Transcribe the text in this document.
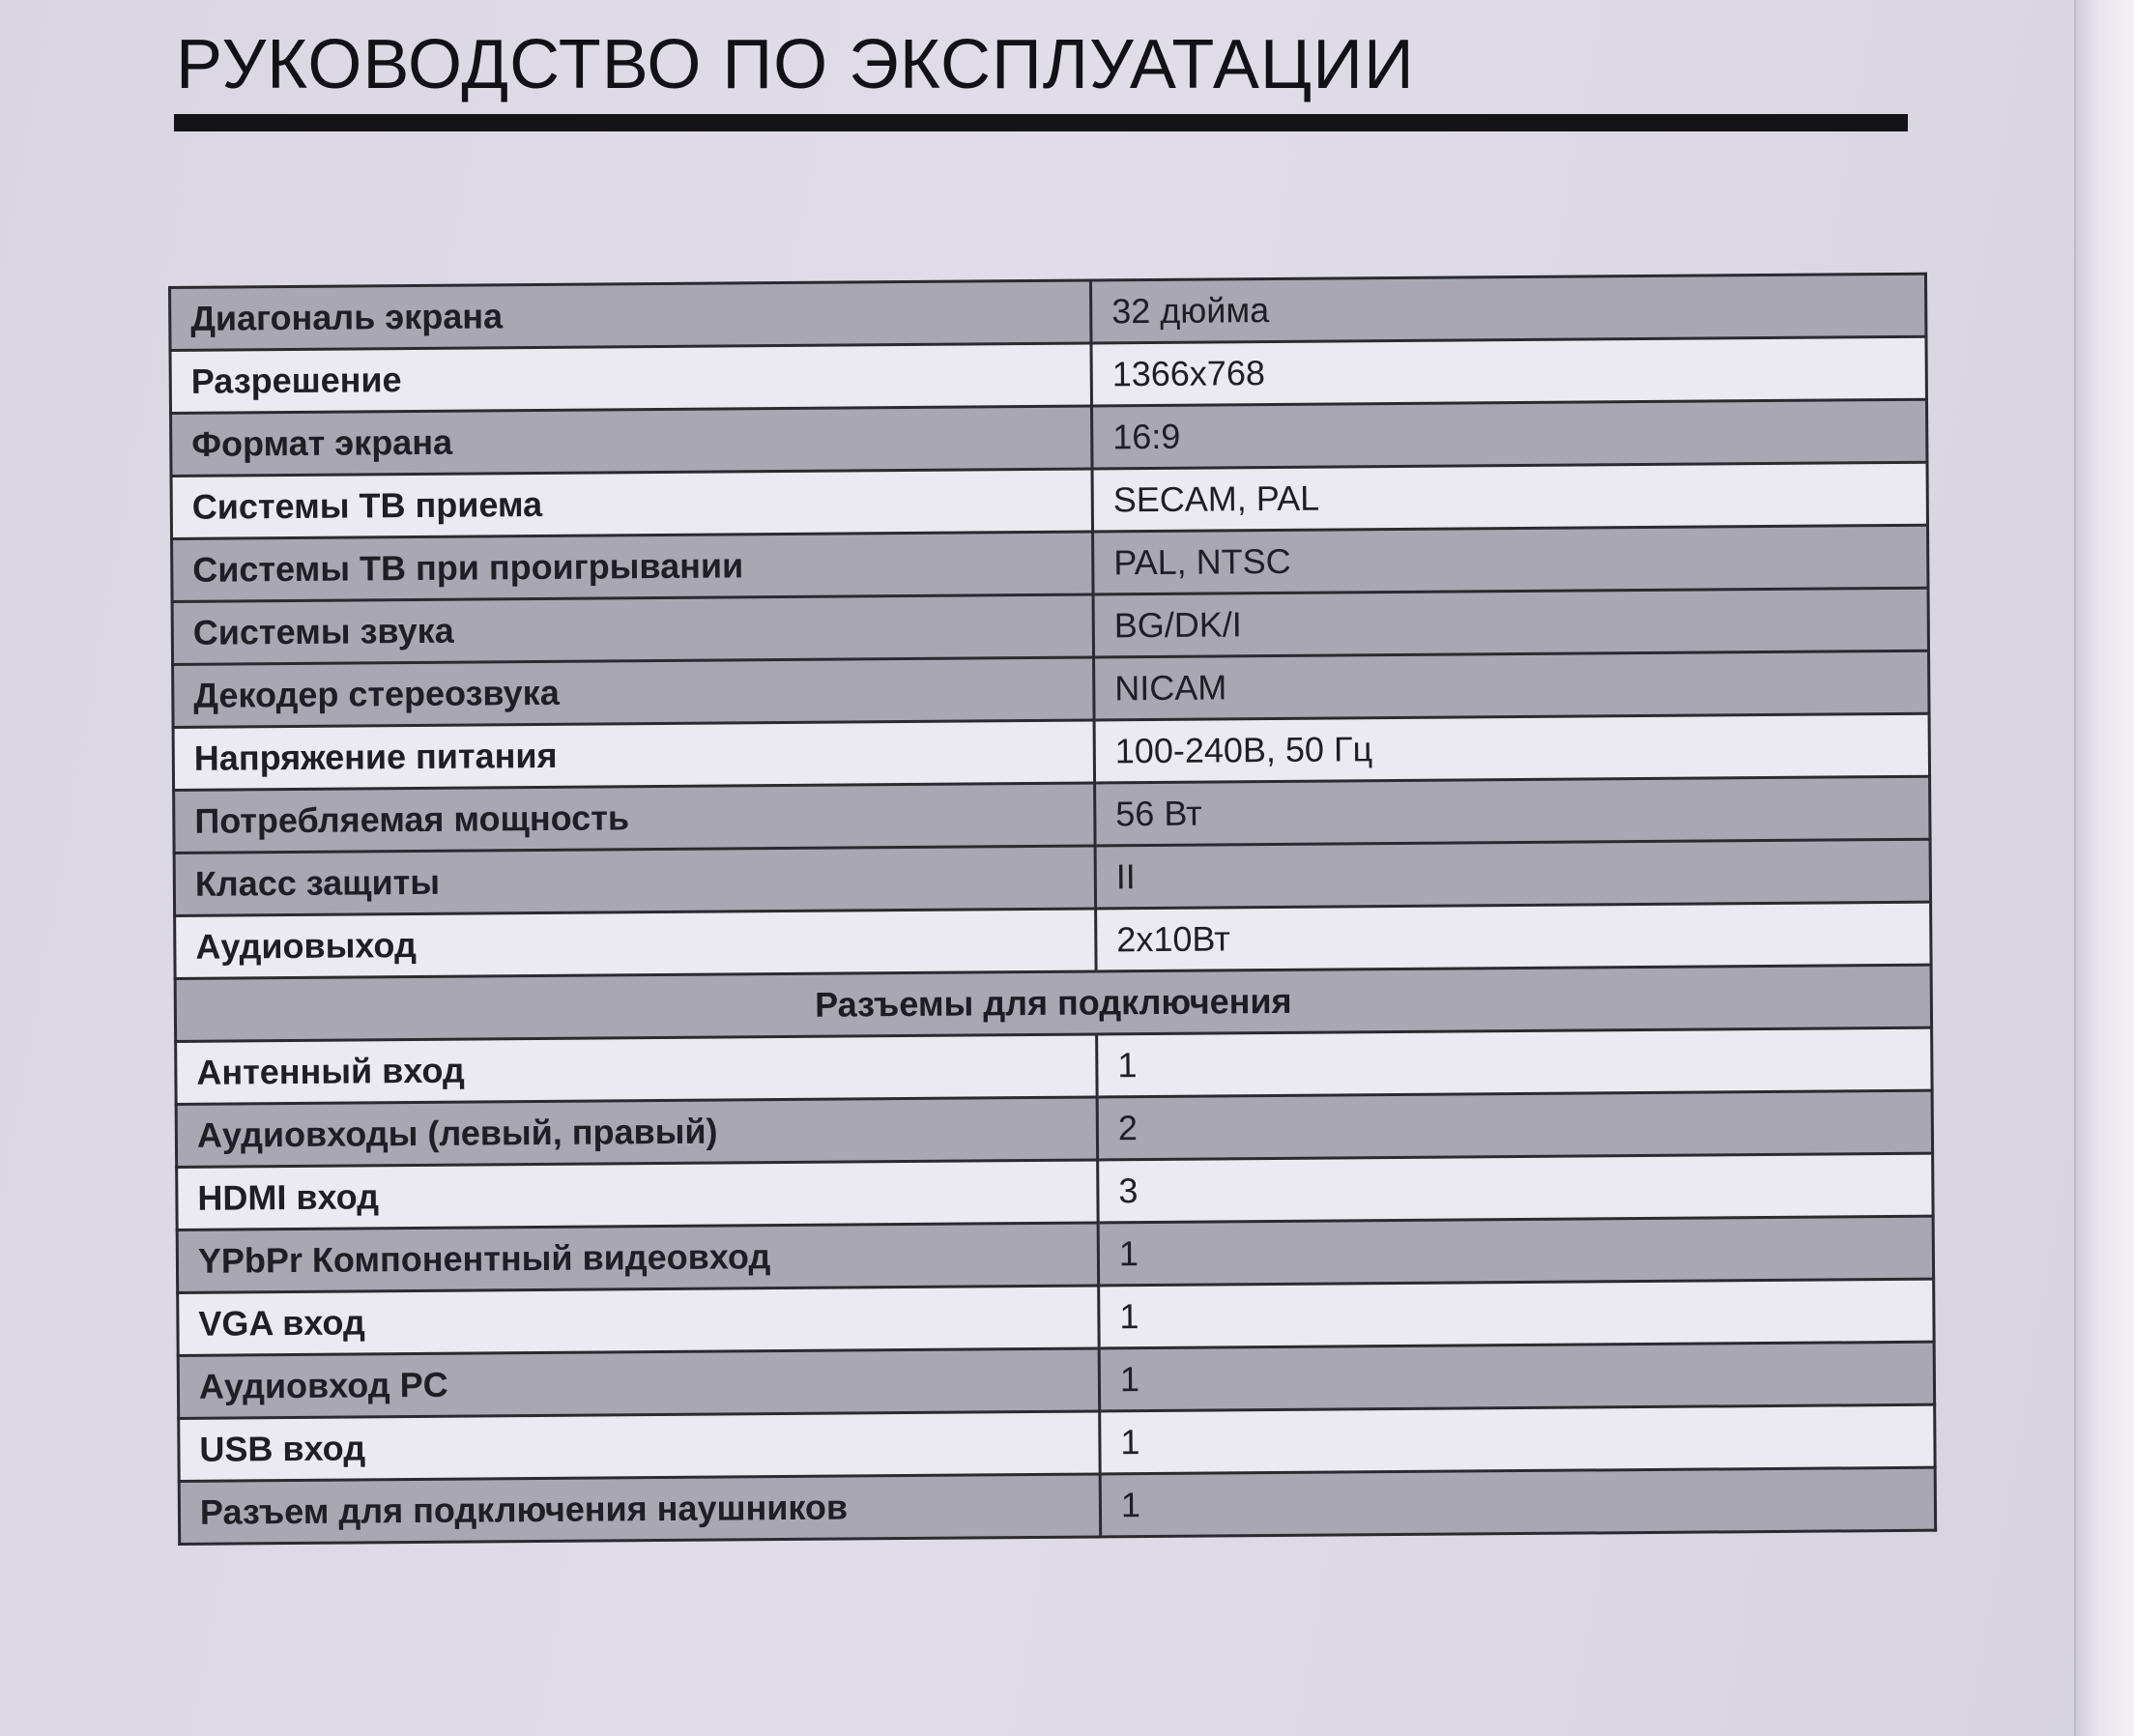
РУКОВОДСТВО ПО ЭКСПЛУАТАЦИИ
Диагональ экрана	32 дюйма
Разрешение	1366x768
Формат экрана	16:9
Системы ТВ приема	SECAM, PAL
Системы ТВ при проигрывании	PAL, NTSC
Системы звука	BG/DK/I
Декодер стереозвука	NICAM
Напряжение питания	100-240В, 50 Гц
Потребляемая мощность	56 Вт
Класс защиты	II
Аудиовыход	2x10Вт
Разъемы для подключения	
Антенный вход	1
Аудиовходы (левый, правый)	2
HDMI вход	3
YPbPr Компонентный видеовход	1
VGA вход	1
Аудиовход PC	1
USB вход	1
Разъем для подключения наушников	1
